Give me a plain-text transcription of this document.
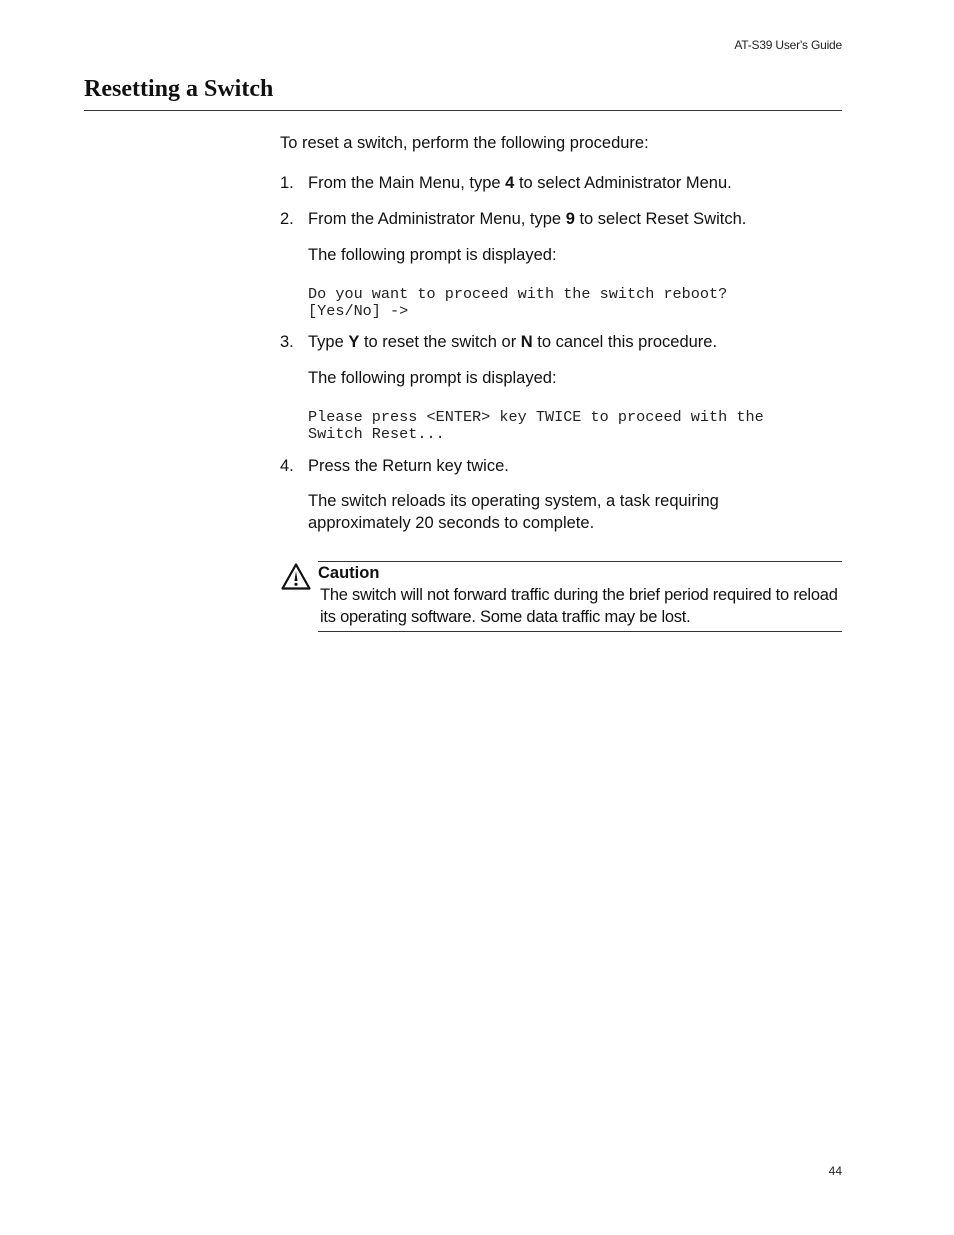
AT-S39 User's Guide
Resetting a Switch
To reset a switch, perform the following procedure:
1. From the Main Menu, type 4 to select Administrator Menu.
2. From the Administrator Menu, type 9 to select Reset Switch.
The following prompt is displayed:
Do you want to proceed with the switch reboot?
[Yes/No] ->
3. Type Y to reset the switch or N to cancel this procedure.
The following prompt is displayed:
Please press <ENTER> key TWICE to proceed with the
Switch Reset...
4. Press the Return key twice.
The switch reloads its operating system, a task requiring approximately 20 seconds to complete.
Caution
The switch will not forward traffic during the brief period required to reload its operating software. Some data traffic may be lost.
44
